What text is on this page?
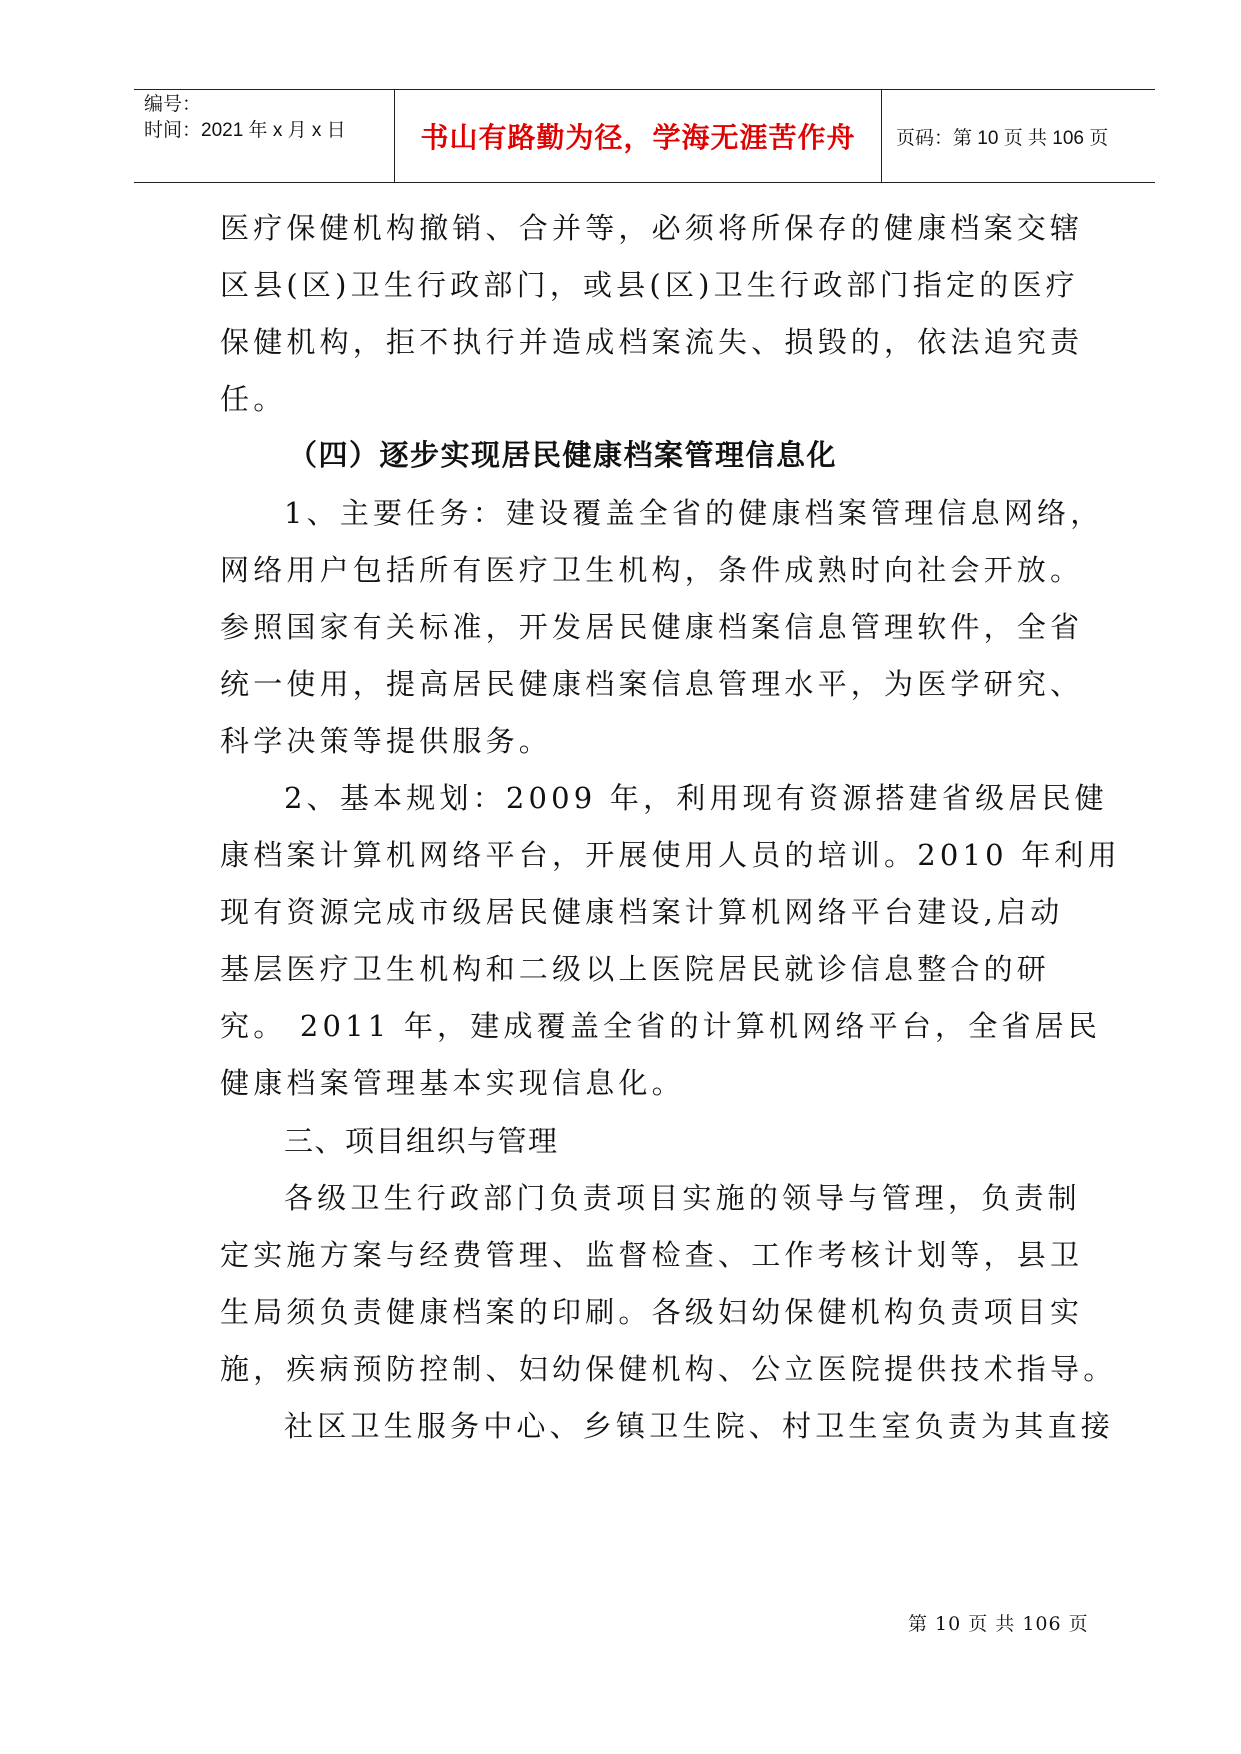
编号：
时间：2021 年 x 月 x 日	书山有路勤为径，学海无涯苦作舟	页码：第 10 页 共 106 页
医疗保健机构撤销、合并等，必须将所保存的健康档案交辖
区县(区)卫生行政部门，或县(区)卫生行政部门指定的医疗
保健机构，拒不执行并造成档案流失、损毁的，依法追究责
任。
（四）逐步实现居民健康档案管理信息化
1、主要任务：建设覆盖全省的健康档案管理信息网络，
网络用户包括所有医疗卫生机构，条件成熟时向社会开放。
参照国家有关标准，开发居民健康档案信息管理软件，全省
统一使用，提高居民健康档案信息管理水平，为医学研究、
科学决策等提供服务。
2、基本规划：2009 年，利用现有资源搭建省级居民健
康档案计算机网络平台，开展使用人员的培训。2010 年利用
现有资源完成市级居民健康档案计算机网络平台建设,启动
基层医疗卫生机构和二级以上医院居民就诊信息整合的研
究。 2011 年，建成覆盖全省的计算机网络平台，全省居民
健康档案管理基本实现信息化。
三、项目组织与管理
各级卫生行政部门负责项目实施的领导与管理，负责制
定实施方案与经费管理、监督检查、工作考核计划等，县卫
生局须负责健康档案的印刷。各级妇幼保健机构负责项目实
施，疾病预防控制、妇幼保健机构、公立医院提供技术指导。
社区卫生服务中心、乡镇卫生院、村卫生室负责为其直接
第 10 页 共 106 页
